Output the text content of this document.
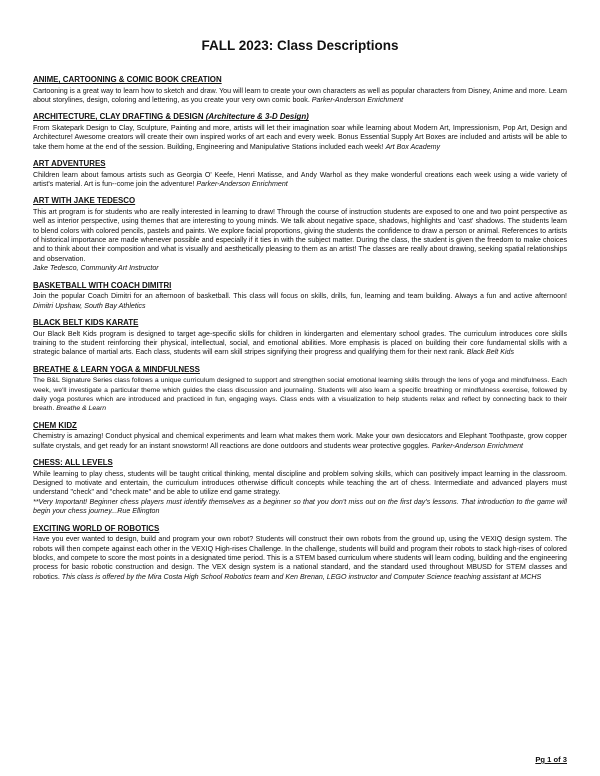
FALL 2023: Class Descriptions
ANIME, CARTOONING & COMIC BOOK CREATION

Cartooning is a great way to learn how to sketch and draw. You will learn to create your own characters as well as popular characters from Disney, Anime and more. Learn about storylines, design, coloring and lettering, as you create your very own comic book. Parker-Anderson Enrichment

ARCHITECTURE, CLAY DRAFTING & DESIGN (Architecture & 3-D Design)

From Skatepark Design to Clay, Sculpture, Painting and more, artists will let their imagination soar while learning about Modern Art, Impressionism, Pop Art, Design and Architecture! Awesome creators will create their own inspired works of art each and every week. Bonus Essential Supply Art Boxes are included and artists will be able to take them home at the end of the session. Building, Engineering and Manipulative Stations included each week! Art Box Academy

ART ADVENTURES

Children learn about famous artists such as Georgia O' Keefe, Henri Matisse, and Andy Warhol as they make wonderful creations each week using a wide variety of artist's material. Art is fun--come join the adventure! Parker-Anderson Enrichment

ART WITH JAKE TEDESCO

This art program is for students who are really interested in learning to draw! Through the course of instruction students are exposed to one and two point perspective as well as interior perspective, using themes that are interesting to young minds. We talk about negative space, shadows, highlights and 'cast' shadows. The students learn to blend colors with colored pencils, pastels and paints. We explore facial proportions, giving the students the confidence to draw a person or animal. References to artists of historical importance are made whenever possible and especially if it ties in with the subject matter. During the class, the student is given the freedom to make choices and to think about their composition and what is visually and aesthetically pleasing to them as an artist! The classes are really about drawing, seeking spatial relationships and observation.

Jake Tedesco, Community Art Instructor

BASKETBALL WITH COACH DIMITRI

Join the popular Coach Dimitri for an afternoon of basketball. This class will focus on skills, drills, fun, learning and team building. Always a fun and active afternoon! Dimitri Upshaw, South Bay Athletics

BLACK BELT KIDS KARATE

Our Black Belt Kids program is designed to target age-specific skills for children in kindergarten and elementary school grades. The curriculum introduces core skills training to the student reinforcing their physical, intellectual, social, and emotional abilities. More emphasis is placed on building their core fundamental skills with a strategic balance of martial arts. Each class, students will earn skill stripes signifying their progress and qualifying them for their next rank. Black Belt Kids

BREATHE & LEARN YOGA & MINDFULNESS

The B&L Signature Series class follows a unique curriculum designed to support and strengthen social emotional learning skills through the lens of yoga and mindfulness. Each week, we'll investigate a particular theme which guides the class discussion and journaling. Students will also learn a specific breathing or mindfulness exercise, followed by daily yoga postures which are introduced and practiced in fun, engaging ways. Class ends with a visualization to help students relax and reflect by connecting back to their breath. Breathe & Learn

CHEM KIDZ

Chemistry is amazing! Conduct physical and chemical experiments and learn what makes them work. Make your own desiccators and Elephant Toothpaste, grow copper sulfate crystals, and get ready for an instant snowstorm! All reactions are done outdoors and students wear protective goggles. Parker-Anderson Enrichment

CHESS: ALL LEVELS

While learning to play chess, students will be taught critical thinking, mental discipline and problem solving skills, which can positively impact learning in the classroom. Designed to motivate and entertain, the curriculum introduces otherwise difficult concepts while teaching the art of chess. Intermediate and advanced players must understand "check" and "check mate" and be able to utilize end game strategy.

**Very Important! Beginner chess players must identify themselves as a beginner so that you don't miss out on the first day's lessons. That introduction to the game will begin your chess journey...Rue Ellington

EXCITING WORLD OF ROBOTICS

Have you ever wanted to design, build and program your own robot? Students will construct their own robots from the ground up, using the VEXIQ design system. The robots will then compete against each other in the VEXIQ High-rises Challenge. In the challenge, students will build and program their robots to stack high-rises of colored blocks, and compete to score the most points in a designated time period. This is a STEM based curriculum where students will learn coding, building and the engineering process for basic robotic construction and design. The VEX design system is a national standard, and the standard used throughout MBUSD for STEM classes and robotics. This class is offered by the Mira Costa High School Robotics team and Ken Brenan, LEGO instructor and Computer Science teaching assistant at MCHS

Pg 1 of 3
